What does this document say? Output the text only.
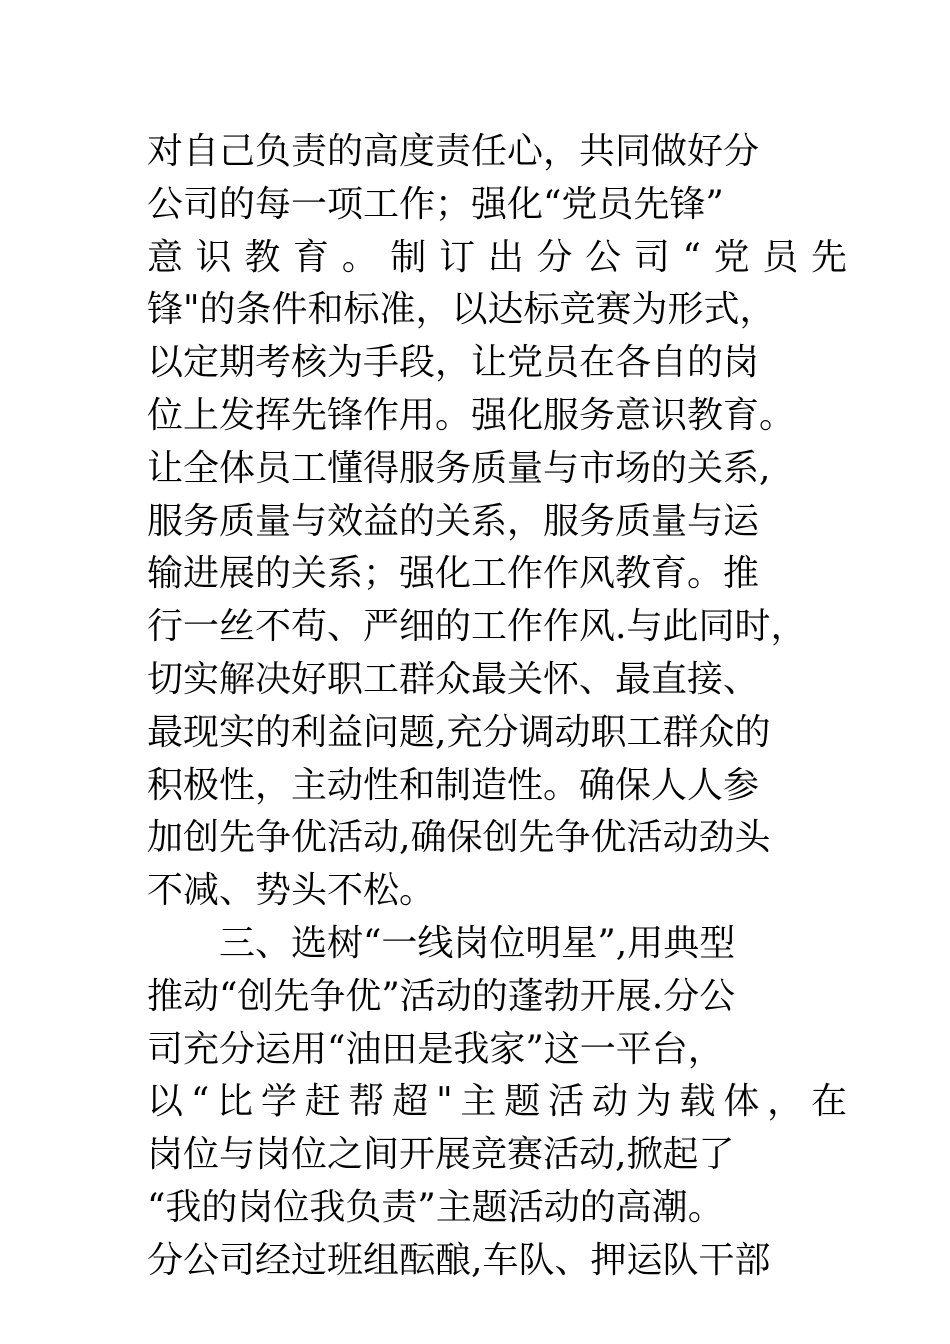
对自己负责的高度责任心，共同做好分
公司的每一项工作；强化“党员先锋”
意识教育。制订出分公司“党员先
锋"的条件和标准，以达标竞赛为形式，
以定期考核为手段，让党员在各自的岗
位上发挥先锋作用。强化服务意识教育。
让全体员工懂得服务质量与市场的关系,
服务质量与效益的关系，服务质量与运
输进展的关系；强化工作作风教育。推
行一丝不苟、严细的工作作风.与此同时，
切实解决好职工群众最关怀、最直接、
最现实的利益问题,充分调动职工群众的
积极性，主动性和制造性。确保人人参
加创先争优活动,确保创先争优活动劲头
不减、势头不松。
三、选树“一线岗位明星”,用典型
推动“创先争优”活动的蓬勃开展.分公
司充分运用“油田是我家”这一平台，
以“比学赶帮超"主题活动为载体，在
岗位与岗位之间开展竞赛活动,掀起了
“我的岗位我负责”主题活动的高潮。
分公司经过班组酝酿,车队、押运队干部
